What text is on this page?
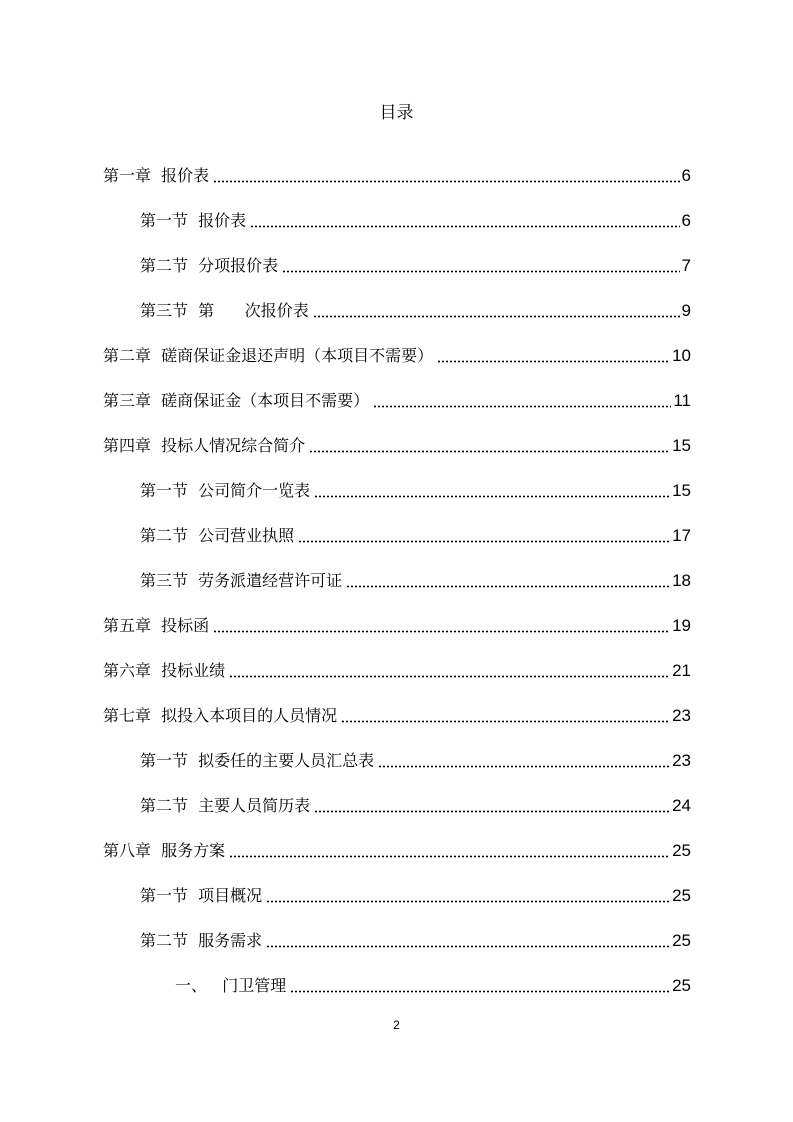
目录
第一章  报价表	6
第一节  报价表	6
第二节  分项报价表	7
第三节  第      次报价表	9
第二章  磋商保证金退还声明（本项目不需要）	10
第三章  磋商保证金（本项目不需要）	11
第四章  投标人情况综合简介	15
第一节  公司简介一览表	15
第二节  公司营业执照	17
第三节  劳务派遣经营许可证	18
第五章  投标函	19
第六章  投标业绩	21
第七章  拟投入本项目的人员情况	23
第一节  拟委任的主要人员汇总表	23
第二节  主要人员简历表	24
第八章  服务方案	25
第一节  项目概况	25
第二节  服务需求	25
一、   门卫管理	25
2
